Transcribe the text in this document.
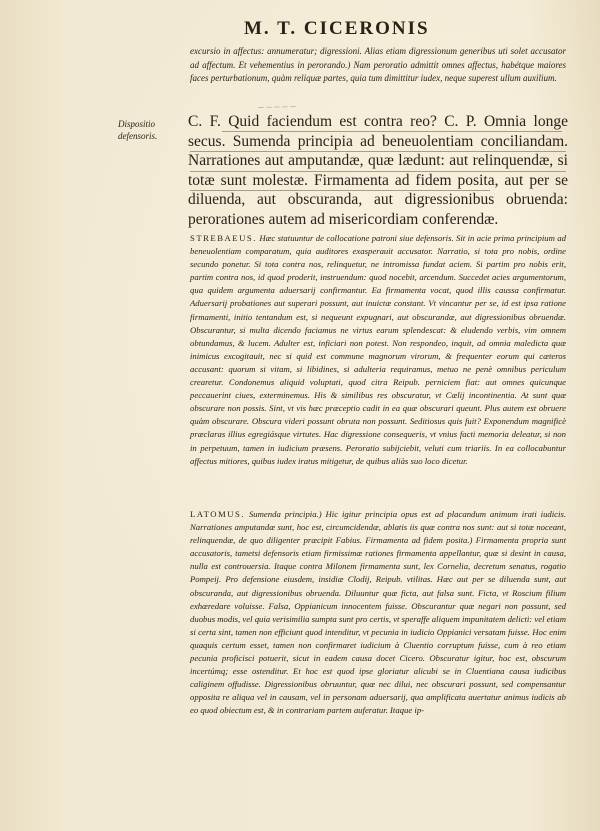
M. T. CICERONIS

excursio in affectus: annumeratur; digressioni. Alias etiam digressionum generibus uti solet accusator ad affectum. Et vehementius in perorando.) Nam peroratio admittit omnes affectus, habétque maiores faces perturbationum, quàm reliquæ partes, quia tum dimittitur iudex, neque superest ullum auxilium.

Dispositio defensoris.
... ... ... ... ...
C. F. Quid faciendum est contra reo? C. P. Omnia longe secus. Sumenda principia ad beneuolentiam conciliandam. Narrationes aut amputandæ, quæ lædunt: aut relinquendæ, si totæ sunt molestæ. Firmamenta ad fidem posita, aut per se diluenda, aut obscuranda, aut digressionibus obruenda: perorationes autem ad misericordiam conferendæ.

STREBAEUS. Hæc statuuntur de collocatione patroni siue defensoris. Sit in acie prima principium ad beneuolentiam comparatum, quia auditores exasperauit accusator. Narratio, si tota pro nobis, ordine secundo ponetur. Si tota contra nos, relinquetur, ne intromissa fundat aciem. Si partim pro nobis erit, partim contra nos, id quod proderit, instruendum: quod nocebit, arcendum. Succedet acies argumentorum, qua quidem argumenta aduersarij confirmantur. Ea firmamenta vocat, quod illis caussa confirmatur. Aduersarij probationes aut superari possunt, aut inuictæ constant. Vt vincantur per se, id est ipsa ratione firmamenti, initio tentandum est, si nequeunt expugnari, aut obscurandæ, aut digressionibus obruendæ. Obscurantur, si multa dicendo faciamus ne virtus earum splendescat: & eludendo verbis, vim omnem obtundamus, & lucem. Adulter est, inficiari non potest. Non respondeo, inquit, ad omnia maledicta quæ inimicus excogitauit, nec si quid est commune magnorum virorum, & frequenter eorum qui cæteros accusant: quorum si vitam, si libidines, si adulteria requiramus, metuo ne penè omnibus periculum crearetur. Condonemus aliquid voluptati, quod citra Reipub. perniciem fiat: aut omnes quicunque peccauerint ciues, exterminemus. His & similibus res obscuratur, vt Cælij incontinentia. At sunt quæ obscurare non possis. Sint, vt vis hæc præceptio cadit in ea quæ obscurari queunt. Plus autem est obruere quàm obscurare. Obscura videri possunt obruta non possunt. Seditiosus quis fuit? Exponendum magnificè præclaras illius egregiásque virtutes. Hac digressione consequeris, vt vnius facti memoria deleatur, si non in perpetuum, tamen in iudicium præsens. Peroratio subijciebit, veluti cum triariis. In ea collocabuntur affectus mitiores, quibus iudex iratus mitigetur, de quibus aliàs suo loco dicetur.

LATOMUS. Sumenda principia.) Hic igitur principia opus est ad placandum animum irati iudicis. Narrationes amputandæ sunt, hoc est, circumcidendæ, ablatis iis quæ contra nos sunt: aut si totæ noceant, relinquendæ, de quo diligenter præcipit Fabius. Firmamenta ad fidem posita.) Firmamenta propria sunt accusatoris, tametsi defensoris etiam firmissimæ rationes firmamenta appellantur, quæ si desint in causa, nulla est controuersia. Itaque contra Milonem firmamenta sunt, lex Cornelia, decretum senatus, rogatio Pompeij. Pro defensione eiusdem, insidiæ Clodij, Reipub. vtilitas. Hæc aut per se diluenda sunt, aut obscuranda, aut digressionibus obruenda. Diluuntur quæ ficta, aut falsa sunt. Ficta, vt Roscium filium exhæredare voluisse. Falsa, Oppianicum innocentem fuisse. Obscurantur quæ negari non possunt, sed duobus modis, vel quia verisimilia sumpta sunt pro certis, vt speraffe aliquem impunitatem delicti: vel etiam si certa sint, tamen non efficiunt quod intenditur, vt pecunia in iudicio Oppianici versatam fuisse. Hoc enim quaquis certum esset, tamen non confirmaret iudicium à Cluentio corruptum fuisse, cum à reo etiam pecunia proficisci potuerit, sicut in eadem causa docet Cicero. Obscuratur igitur, hoc est, obscurum incertúmq; esse ostenditur. Et hoc est quod ipse gloriatur alicubi se in Cluentiana causa iudicibus caliginem offudisse. Digressionibus obruuntur, quæ nec dilui, nec obscurari possunt, sed compensantur opposita re aliqua vel in causam, vel in personam aduersarij, qua amplificata auertatur animus iudicis ab eo quod obiectum est, & in contrariam partem auferatur. Itaque ip-
